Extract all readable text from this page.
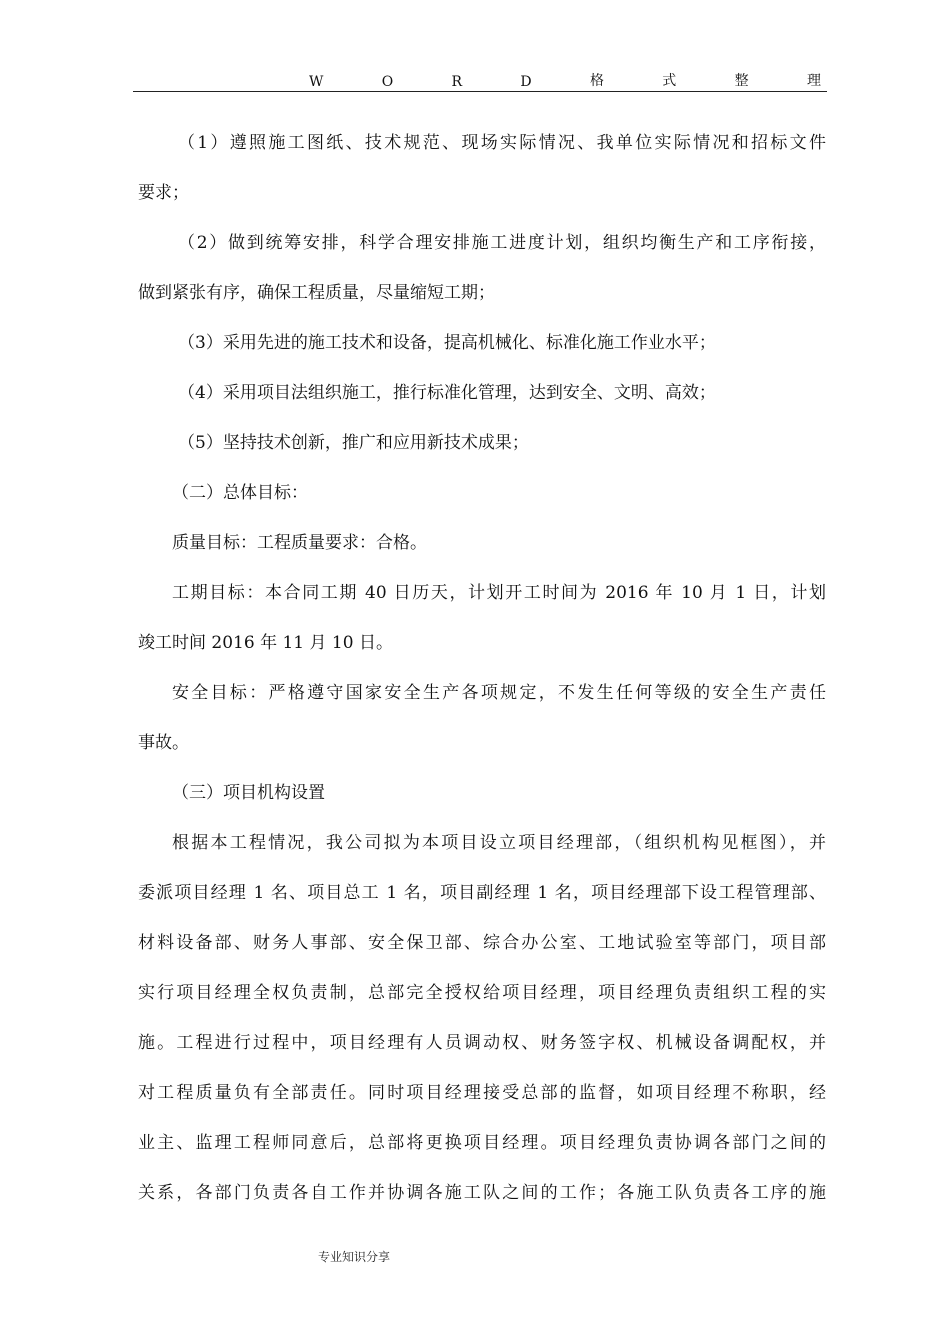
W	O	R	D	格	式	整	理
（1）遵照施工图纸、技术规范、现场实际情况、我单位实际情况和招标文件
要求；
（2）做到统筹安排，科学合理安排施工进度计划，组织均衡生产和工序衔接，
做到紧张有序，确保工程质量，尽量缩短工期；
（3）采用先进的施工技术和设备，提高机械化、标准化施工作业水平；
（4）采用项目法组织施工，推行标准化管理，达到安全、文明、高效；
（5）坚持技术创新，推广和应用新技术成果；
（二）总体目标：
质量目标：工程质量要求：合格。
工期目标：本合同工期 40 日历天，计划开工时间为 2016 年 10 月 1 日，计划
竣工时间 2016 年 11 月 10 日。
安全目标：严格遵守国家安全生产各项规定，不发生任何等级的安全生产责任
事故。
（三）项目机构设置
根据本工程情况，我公司拟为本项目设立项目经理部，（组织机构见框图），并
委派项目经理 1 名、项目总工 1 名，项目副经理 1 名，项目经理部下设工程管理部、
材料设备部、财务人事部、安全保卫部、综合办公室、工地试验室等部门，项目部
实行项目经理全权负责制，总部完全授权给项目经理，项目经理负责组织工程的实
施。工程进行过程中，项目经理有人员调动权、财务签字权、机械设备调配权，并
对工程质量负有全部责任。同时项目经理接受总部的监督，如项目经理不称职，经
业主、监理工程师同意后，总部将更换项目经理。项目经理负责协调各部门之间的
关系，各部门负责各自工作并协调各施工队之间的工作；各施工队负责各工序的施
专业知识分享
